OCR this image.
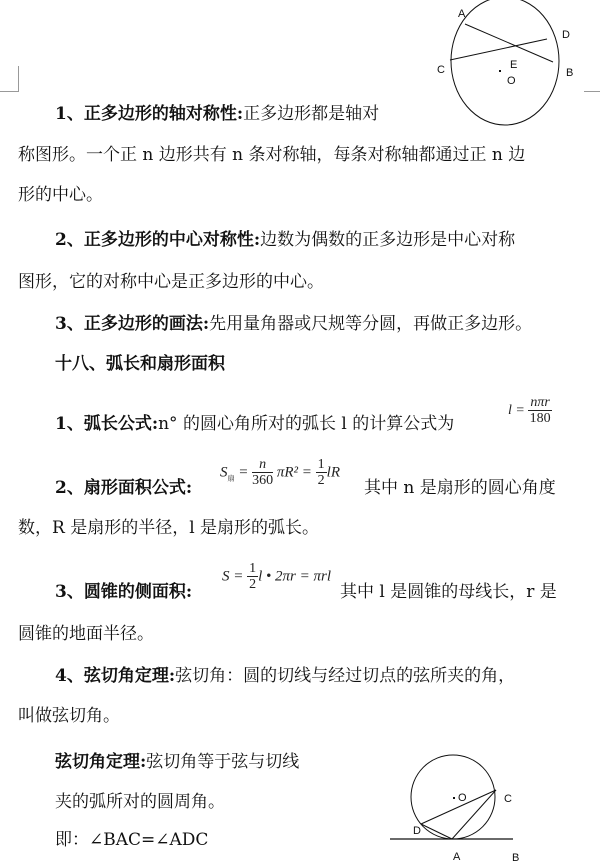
A
D
C	E
O
B
1、正多边形的轴对称性:正多边形都是轴对
称图形。一个正 n 边形共有 n 条对称轴，每条对称轴都通过正 n 边
形的中心。
2、正多边形的中心对称性:边数为偶数的正多边形是中心对称
图形，它的对称中心是正多边形的中心。
3、正多边形的画法:先用量角器或尺规等分圆，再做正多边形。
十八、弧长和扇形面积
1、弧长公式:n° 的圆心角所对的弧长 l 的计算公式为
$l = \frac{\text{nπr}}{180}$
2、扇形面积公式:
$S_扇 = \frac{n}{360} \pi R^2 = \frac{1}{2}$ lR
其中 n 是扇形的圆心角度
数，R 是扇形的半径，l 是扇形的弧长。
3、圆锥的侧面积:
$S = \frac{1}{2}$ l • 2πr = πrl
其中 l 是圆锥的母线长，r 是
圆锥的地面半径。
4、弦切角定理:弦切角：圆的切线与经过切点的弦所夹的角，
叫做弦切角。
弦切角定理:弦切角等于弦与切线
夹的弧所对的圆周角。
即：∠BAC=∠ADC
O	C
D
A	B
